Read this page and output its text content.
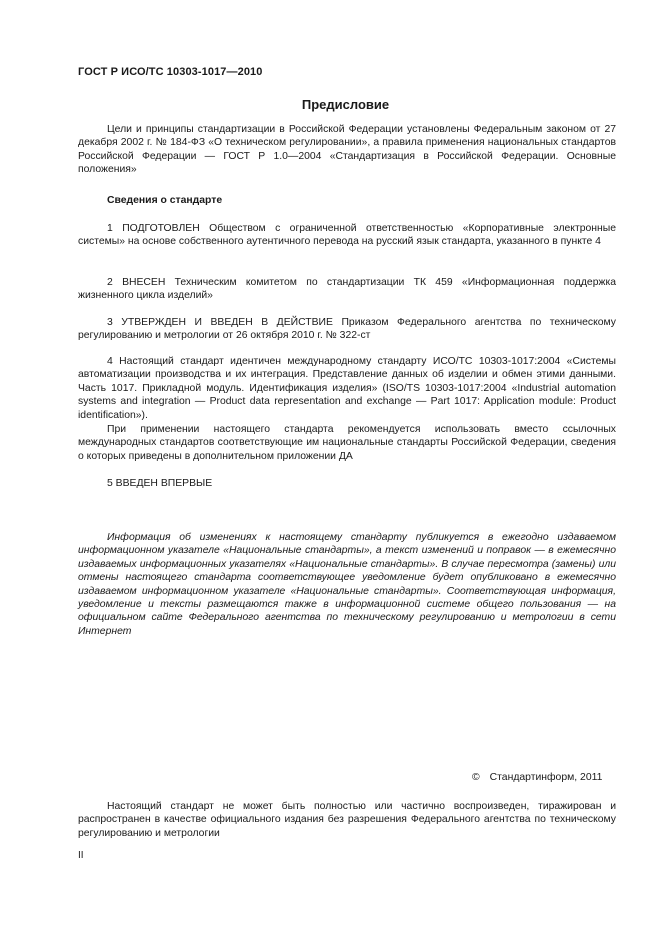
ГОСТ Р ИСО/ТС 10303-1017—2010
Предисловие

Цели и принципы стандартизации в Российской Федерации установлены Федеральным законом от 27 декабря 2002 г. № 184-ФЗ «О техническом регулировании», а правила применения национальных стандартов Российской Федерации — ГОСТ Р 1.0—2004 «Стандартизация в Российской Федерации. Основные положения»

Сведения о стандарте

1 ПОДГОТОВЛЕН Обществом с ограниченной ответственностью «Корпоративные электронные системы» на основе собственного аутентичного перевода на русский язык стандарта, указанного в пункте 4

2 ВНЕСЕН Техническим комитетом по стандартизации ТК 459 «Информационная поддержка жизненного цикла изделий»

3 УТВЕРЖДЕН И ВВЕДЕН В ДЕЙСТВИЕ Приказом Федерального агентства по техническому регулированию и метрологии от 26 октября 2010 г. № 322-ст

4 Настоящий стандарт идентичен международному стандарту ИСО/ТС 10303-1017:2004 «Системы автоматизации производства и их интеграция. Представление данных об изделии и обмен этими данными. Часть 1017. Прикладной модуль. Идентификация изделия» (ISO/TS 10303-1017:2004 «Industrial automation systems and integration — Product data representation and exchange — Part 1017: Application module: Product identification»).

При применении настоящего стандарта рекомендуется использовать вместо ссылочных международных стандартов соответствующие им национальные стандарты Российской Федерации, сведения о которых приведены в дополнительном приложении ДА

5 ВВЕДЕН ВПЕРВЫЕ

Информация об изменениях к настоящему стандарту публикуется в ежегодно издаваемом информационном указателе «Национальные стандарты», а текст изменений и поправок — в ежемесячно издаваемых информационных указателях «Национальные стандарты». В случае пересмотра (замены) или отмены настоящего стандарта соответствующее уведомление будет опубликовано в ежемесячно издаваемом информационном указателе «Национальные стандарты». Соответствующая информация, уведомление и тексты размещаются также в информационной системе общего пользования — на официальном сайте Федерального агентства по техническому регулированию и метрологии в сети Интернет

© Стандартинформ, 2011

Настоящий стандарт не может быть полностью или частично воспроизведен, тиражирован и распространен в качестве официального издания без разрешения Федерального агентства по техническому регулированию и метрологии

II
